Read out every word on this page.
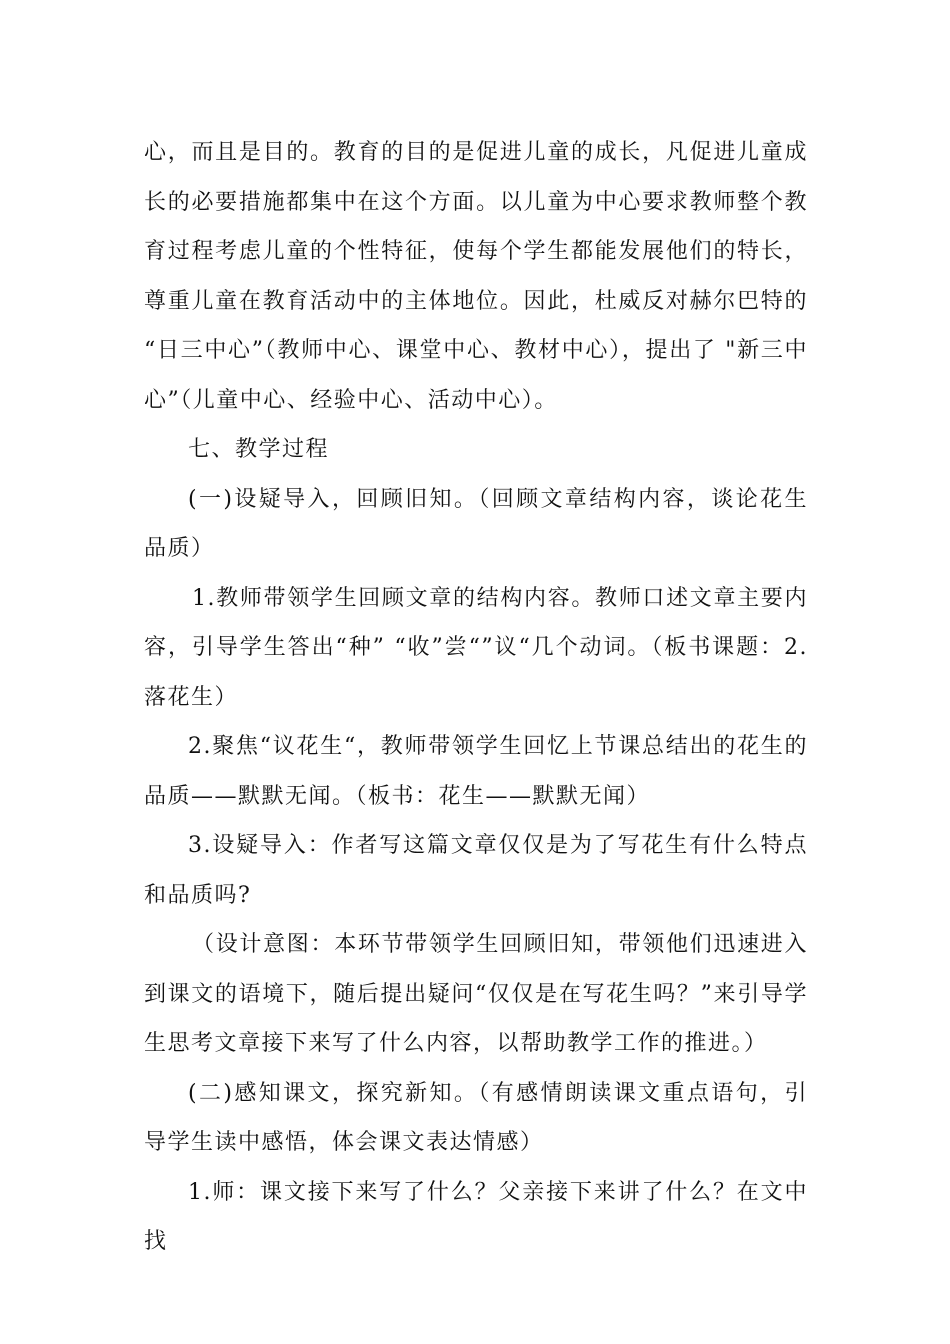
心，而且是目的。教育的目的是促进儿童的成长，凡促进儿童成长的必要措施都集中在这个方面。以儿童为中心要求教师整个教育过程考虑儿童的个性特征，使每个学生都能发展他们的特长，尊重儿童在教育活动中的主体地位。因此，杜威反对赫尔巴特的 “日三中心”（教师中心、课堂中心、教材中心），提出了 "新三中心”（儿童中心、经验中心、活动中心）。

七、教学过程

(一)设疑导入，回顾旧知。（回顾文章结构内容，谈论花生品质）

1.教师带领学生回顾文章的结构内容。教师口述文章主要内容，引导学生答出“种” “收”尝“”议“几个动词。（板书课题：2.落花生）

2.聚焦“议花生“，教师带领学生回忆上节课总结出的花生的品质——默默无闻。（板书：花生——默默无闻）

3.设疑导入：作者写这篇文章仅仅是为了写花生有什么特点和品质吗?

（设计意图：本环节带领学生回顾旧知，带领他们迅速进入到课文的语境下，随后提出疑问“仅仅是在写花生吗？”来引导学生思考文章接下来写了什么内容，以帮助教学工作的推进。）

(二)感知课文，探究新知。（有感情朗读课文重点语句，引导学生读中感悟，体会课文表达情感）

1.师：课文接下来写了什么？父亲接下来讲了什么？在文中找
